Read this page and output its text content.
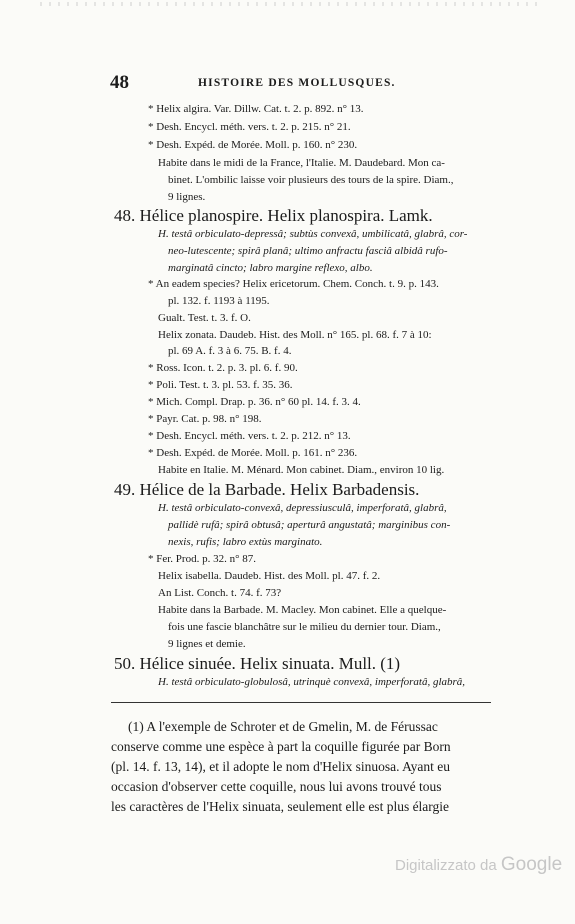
48	HISTOIRE DES MOLLUSQUES.
* Helix algira. Var. Dillw. Cat. t. 2. p. 892. n° 13.
* Desh. Encycl. méth. vers. t. 2. p. 215. n° 21.
* Desh. Expéd. de Morée. Moll. p. 160. n° 230.
Habite dans le midi de la France, l'Italie. M. Daudebard. Mon ca-
binet. L'ombilic laisse voir plusieurs des tours de la spire. Diam.,
9 lignes.
48. Hélice planospire. Helix planospira. Lamk.
H. testâ orbiculato-depressâ; subtùs convexâ, umbilicatâ, glabrâ, cor-
neo-lutescente; spirâ planâ; ultimo anfractu fasciâ albidâ rufo-
marginatâ cincto; labro margine reflexo, albo.
* An eadem species? Helix ericetorum. Chem. Conch. t. 9. p. 143.
pl. 132. f. 1193 à 1195.
Gualt. Test. t. 3. f. O.
Helix zonata. Daudeb. Hist. des Moll. n° 165. pl. 68. f. 7 à 10:
pl. 69 A. f. 3 à 6. 75. B. f. 4.
* Ross. Icon. t. 2. p. 3. pl. 6. f. 90.
* Poli. Test. t. 3. pl. 53. f. 35. 36.
* Mich. Compl. Drap. p. 36. n° 60 pl. 14. f. 3. 4.
* Payr. Cat. p. 98. n° 198.
* Desh. Encycl. méth. vers. t. 2. p. 212. n° 13.
* Desh. Expéd. de Morée. Moll. p. 161. n° 236.
Habite en Italie. M. Ménard. Mon cabinet. Diam., environ 10 lig.
49. Hélice de la Barbade. Helix Barbadensis.
H. testâ orbiculato-convexâ, depressiusculâ, imperforatâ, glabrâ,
pallidè rufâ; spirâ obtusâ; aperturâ angustatâ; marginibus con-
nexis, rufis; labro extùs marginato.
* Fer. Prod. p. 32. n° 87.
Helix isabella. Daudeb. Hist. des Moll. pl. 47. f. 2.
An List. Conch. t. 74. f. 73?
Habite dans la Barbade. M. Macley. Mon cabinet. Elle a quelque-
fois une fascie blanchâtre sur le milieu du dernier tour. Diam.,
9 lignes et demie.
50. Hélice sinuée. Helix sinuata. Mull. (1)
H. testâ orbiculato-globulosâ, utrinquè convexâ, imperforatâ, glabrâ,
(1) A l'exemple de Schroter et de Gmelin, M. de Férussac
conserve comme une espèce à part la coquille figurée par Born
(pl. 14. f. 13, 14), et il adopte le nom d'Helix sinuosa. Ayant eu
occasion d'observer cette coquille, nous lui avons trouvé tous
les caractères de l'Helix sinuata, seulement elle est plus élargie
Digitalizzato da Google
